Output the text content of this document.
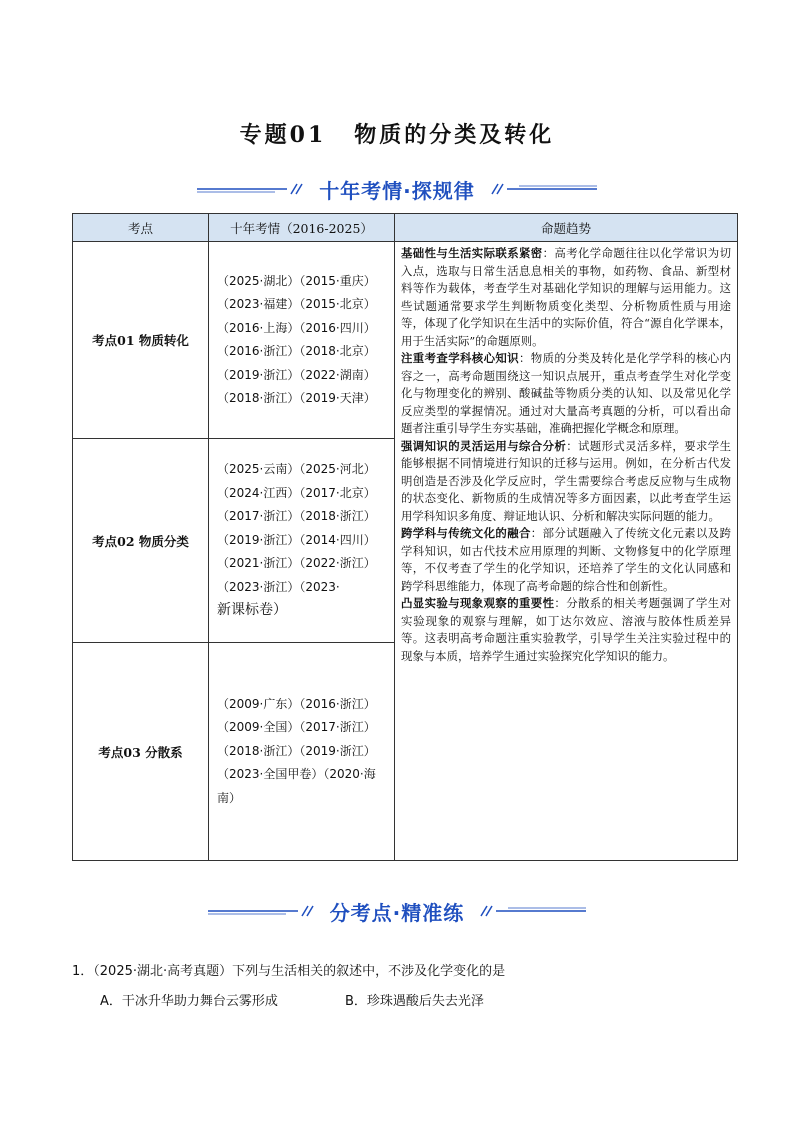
专题01 物质的分类及转化
十年考情·探规律
考点	十年考情（2016-2025）	命题趋势
考点01 物质转化	（2025·湖北）（2015·重庆）（2023·福建）（2015·北京）（2016·上海）（2016·四川）（2016·浙江）（2018·北京）（2019·浙江）（2022·湖南）（2018·浙江）（2019·天津）	基础性与生活实际联系紧密：高考化学命题往往以化学常识为切入点，选取与日常生活息息相关的事物，如药物、食品、新型材料等作为载体，考查学生对基础化学知识的理解与运用能力。这些试题通常要求学生判断物质变化类型、分析物质性质与用途等，体现了化学知识在生活中的实际价值，符合“源自化学课本，用于生活实际”的命题原则。
注重考查学科核心知识：物质的分类及转化是化学学科的核心内容之一，高考命题围绕这一知识点展开，重点考查学生对化学变化与物理变化的辨别、酸碱盐等物质分类的认知、以及常见化学反应类型的掌握情况。通过对大量高考真题的分析，可以看出命题者注重引导学生夯实基础，准确把握化学概念和原理。
强调知识的灵活运用与综合分析：试题形式灵活多样，要求学生能够根据不同情境进行知识的迁移与运用。例如，在分析古代发明创造是否涉及化学反应时，学生需要综合考虑反应物与生成物的状态变化、新物质的生成情况等多方面因素，以此考查学生运用学科知识多角度、辩证地认识、分析和解决实际问题的能力。
跨学科与传统文化的融合：部分试题融入了传统文化元素以及跨学科知识，如古代技术应用原理的判断、文物修复中的化学原理等，不仅考查了学生的化学知识，还培养了学生的文化认同感和跨学科思维能力，体现了高考命题的综合性和创新性。
凸显实验与现象观察的重要性：分散系的相关考题强调了学生对实验现象的观察与理解，如丁达尔效应、溶液与胶体性质差异等。这表明高考命题注重实验教学，引导学生关注实验过程中的现象与本质，培养学生通过实验探究化学知识的能力。

考点02 物质分类	（2025·云南）（2025·河北）（2024·江西）（2017·北京）（2017·浙江）（2018·浙江）（2019·浙江）（2014·四川）（2021·浙江）（2022·浙江）（2023·浙江）（2023·
新课标卷）	
考点03 分散系	（2009·广东）（2016·浙江）（2009·全国）（2017·浙江）（2018·浙江）（2019·浙江）（2023·全国甲卷）（2020·海南）	
分考点·精准练
1．（2025·湖北·高考真题）下列与生活相关的叙述中，不涉及化学变化的是
A．干冰升华助力舞台云雾形成	B．珍珠遇酸后失去光泽
